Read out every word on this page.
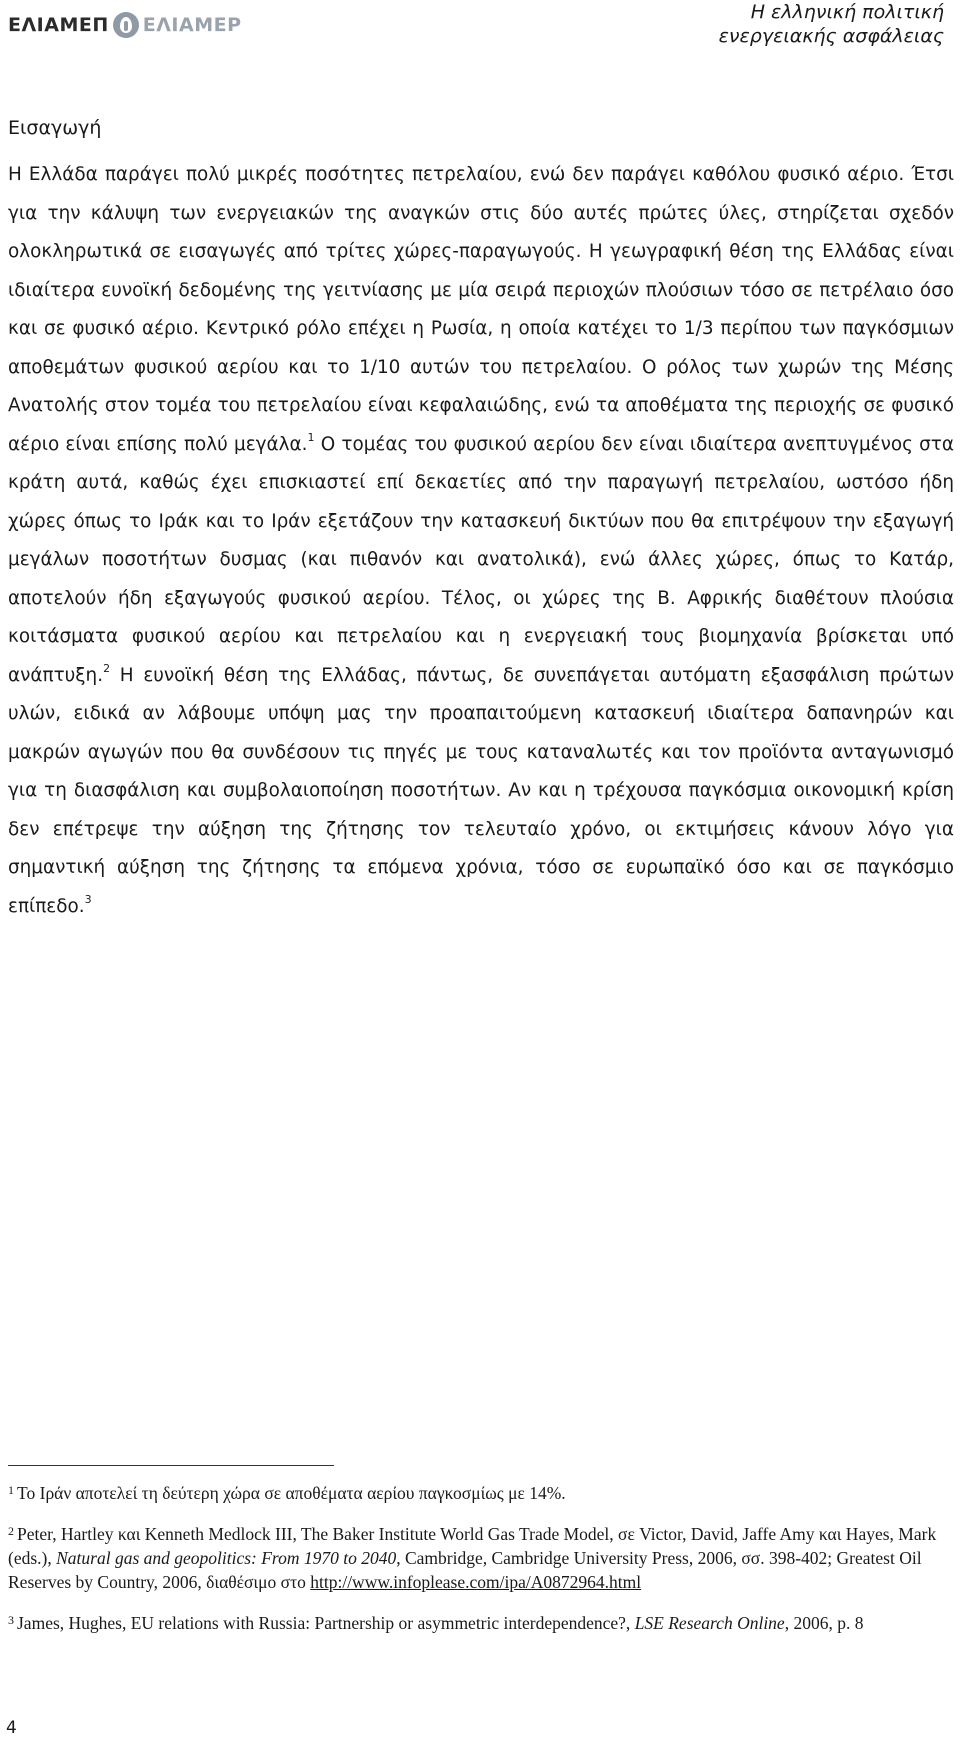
ΕΛΙΑΜΕΠ ΕΛΙΑΜΕΡ
Η ελληνική πολιτική
ενεργειακής ασφάλειας
Εισαγωγή

Η Ελλάδα παράγει πολύ μικρές ποσότητες πετρελαίου, ενώ δεν παράγει καθόλου φυσικό αέριο. Έτσι για την κάλυψη των ενεργειακών της αναγκών στις δύο αυτές πρώτες ύλες, στηρίζεται σχεδόν ολοκληρωτικά σε εισαγωγές από τρίτες χώρες-παραγωγούς. Η γεωγραφική θέση της Ελλάδας είναι ιδιαίτερα ευνοϊκή δεδομένης της γειτνίασης με μία σειρά περιοχών πλούσιων τόσο σε πετρέλαιο όσο και σε φυσικό αέριο. Κεντρικό ρόλο επέχει η Ρωσία, η οποία κατέχει το 1/3 περίπου των παγκόσμιων αποθεμάτων φυσικού αερίου και το 1/10 αυτών του πετρελαίου. Ο ρόλος των χωρών της Μέσης Ανατολής στον τομέα του πετρελαίου είναι κεφαλαιώδης, ενώ τα αποθέματα της περιοχής σε φυσικό αέριο είναι επίσης πολύ μεγάλα.$^1$ Ο τομέας του φυσικού αερίου δεν είναι ιδιαίτερα ανεπτυγμένος στα κράτη αυτά, καθώς έχει επισκιαστεί επί δεκαετίες από την παραγωγή πετρελαίου, ωστόσο ήδη χώρες όπως το Ιράκ και το Ιράν εξετάζουν την κατασκευή δικτύων που θα επιτρέψουν την εξαγωγή μεγάλων ποσοτήτων δυσμας (και πιθανόν και ανατολικά), ενώ άλλες χώρες, όπως το Κατάρ, αποτελούν ήδη εξαγωγούς φυσικού αερίου. Τέλος, οι χώρες της Β. Αφρικής διαθέτουν πλούσια κοιτάσματα φυσικού αερίου και πετρελαίου και η ενεργειακή τους βιομηχανία βρίσκεται υπό ανάπτυξη.$^2$ Η ευνοϊκή θέση της Ελλάδας, πάντως, δε συνεπάγεται αυτόματη εξασφάλιση πρώτων υλών, ειδικά αν λάβουμε υπόψη μας την προαπαιτούμενη κατασκευή ιδιαίτερα δαπανηρών και μακρών αγωγών που θα συνδέσουν τις πηγές με τους καταναλωτές και τον προϊόντα ανταγωνισμό για τη διασφάλιση και συμβολαιοποίηση ποσοτήτων. Αν και η τρέχουσα παγκόσμια οικονομική κρίση δεν επέτρεψε την αύξηση της ζήτησης τον τελευταίο χρόνο, οι εκτιμήσεις κάνουν λόγο για σημαντική αύξηση της ζήτησης τα επόμενα χρόνια, τόσο σε ευρωπαϊκό όσο και σε παγκόσμιο επίπεδο.$^3$

$^1$ Το Ιράν αποτελεί τη δεύτερη χώρα σε αποθέματα αερίου παγκοσμίως με 14%.

$^2$ Peter, Hartley και Kenneth Medlock III, The Baker Institute World Gas Trade Model, σε Victor, David, Jaffe Amy και Hayes, Mark (eds.), Natural gas and geopolitics: From 1970 to 2040, Cambridge, Cambridge University Press, 2006, σσ. 398-402; Greatest Oil Reserves by Country, 2006, διαθέσιμο στο http://www.infoplease.com/ipa/A0872964.html

$^3$ James, Hughes, EU relations with Russia: Partnership or asymmetric interdependence?, LSE Research Online, 2006, p. 8

4
